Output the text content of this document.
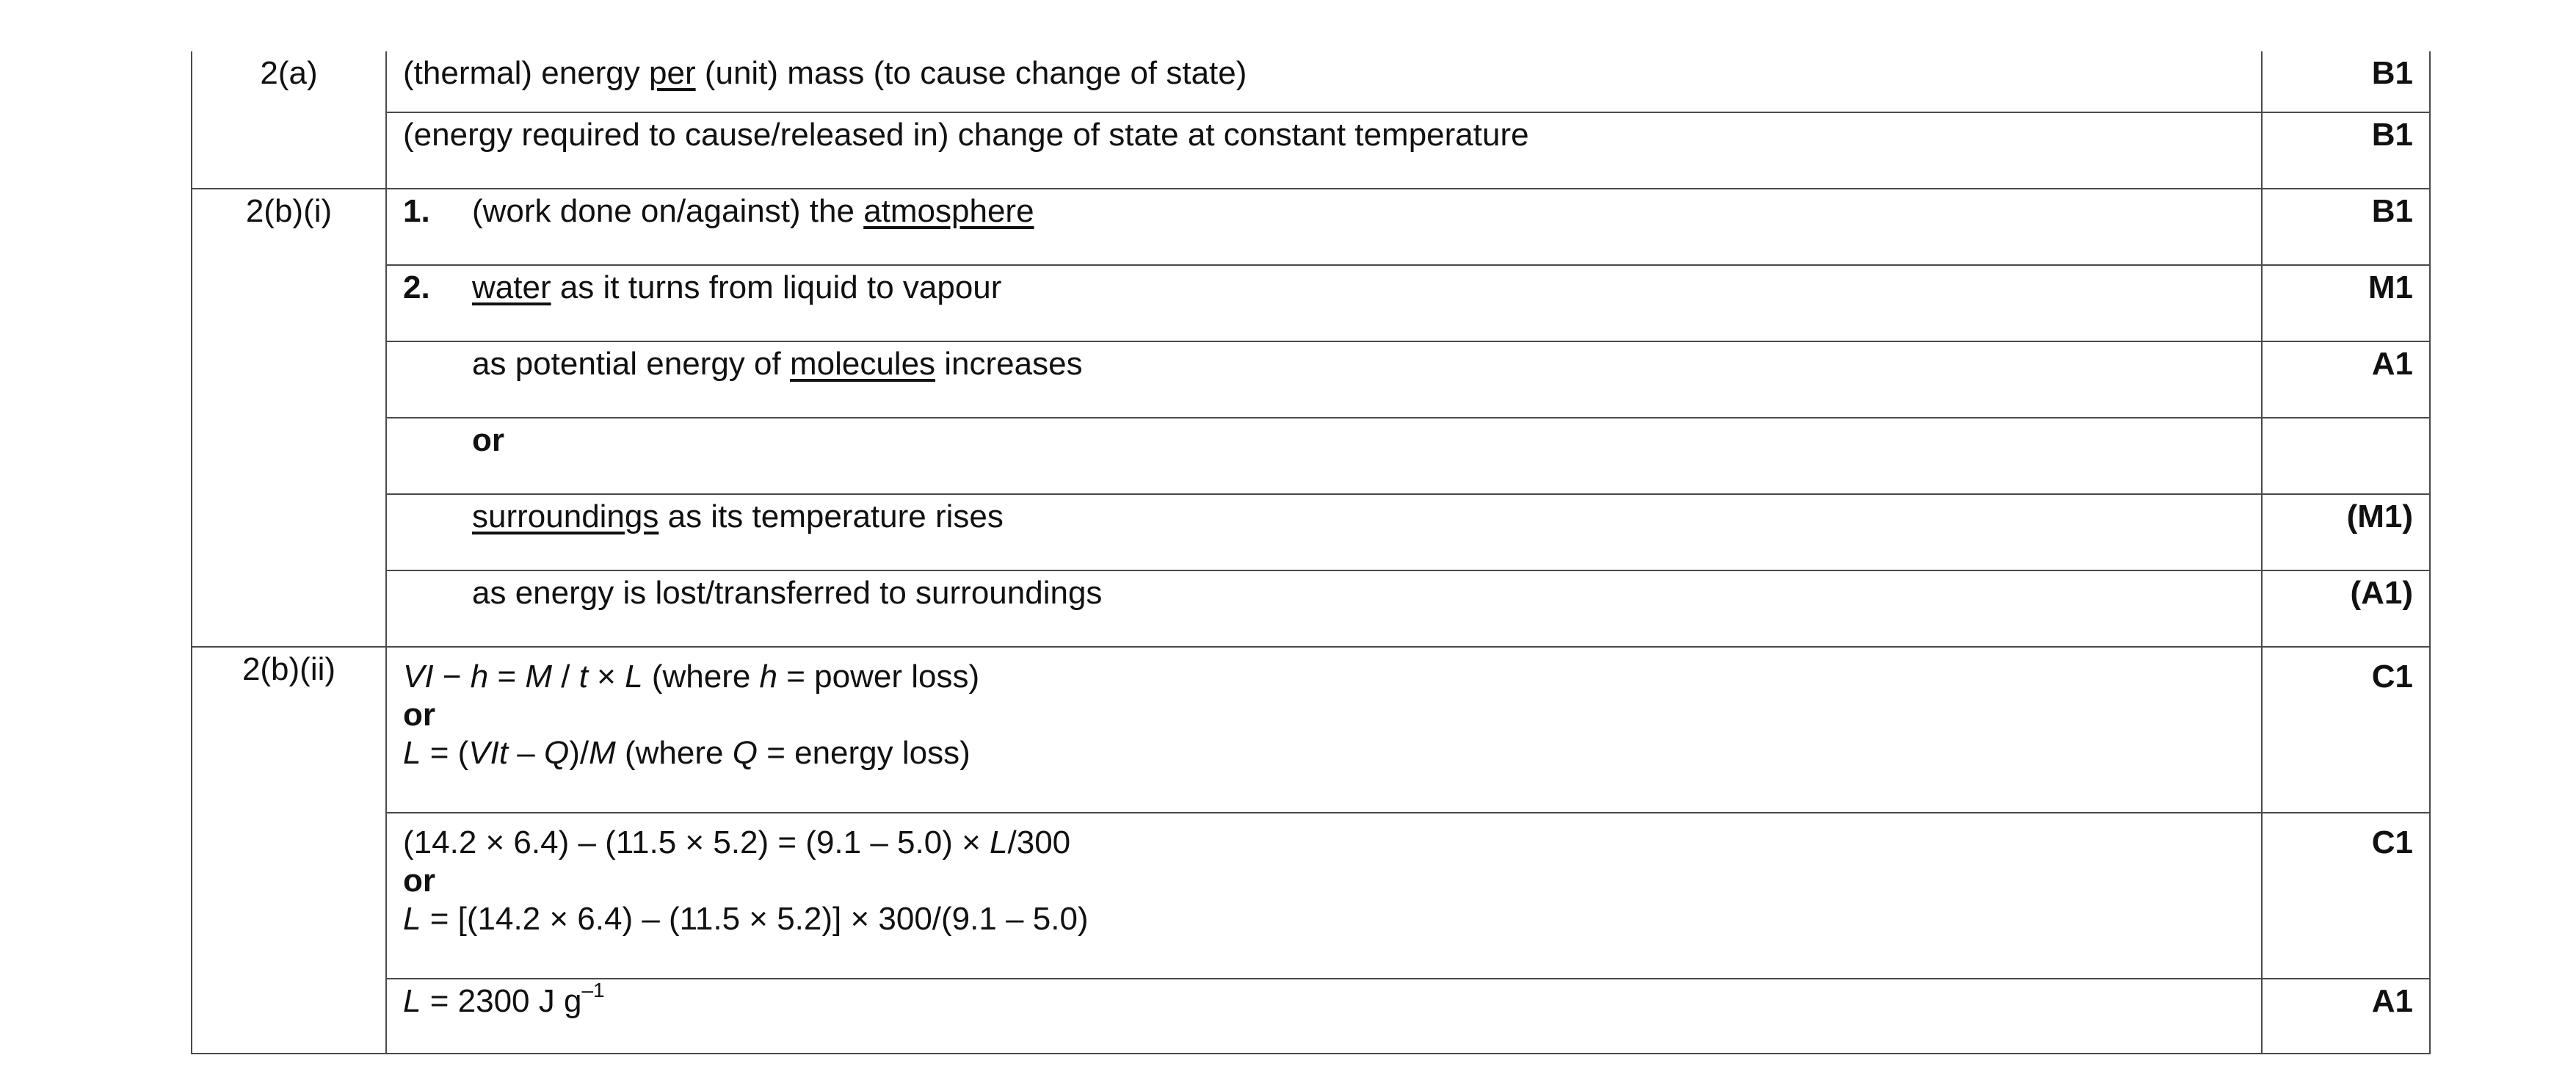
2(a)	(thermal) energy per (unit) mass (to cause change of state)	B1
	(energy required to cause/released in) change of state at constant temperature	B1
2(b)(i)	1. (work done on/against) the atmosphere	B1
	2. water as it turns from liquid to vapour	M1
	as potential energy of molecules increases	A1
	or	
	surroundings as its temperature rises	(M1)
	as energy is lost/transferred to surroundings	(A1)
2(b)(ii)	VI − h = M / t × L (where h = power loss)
or
L = (VIt – Q)/M (where Q = energy loss)	C1

	(14.2 × 6.4) – (11.5 × 5.2) = (9.1 – 5.0) × L/300
or
L = [(14.2 × 6.4) – (11.5 × 5.2)] × 300/(9.1 – 5.0)	C1
	L = 2300 J $g^{-1}$	A1
